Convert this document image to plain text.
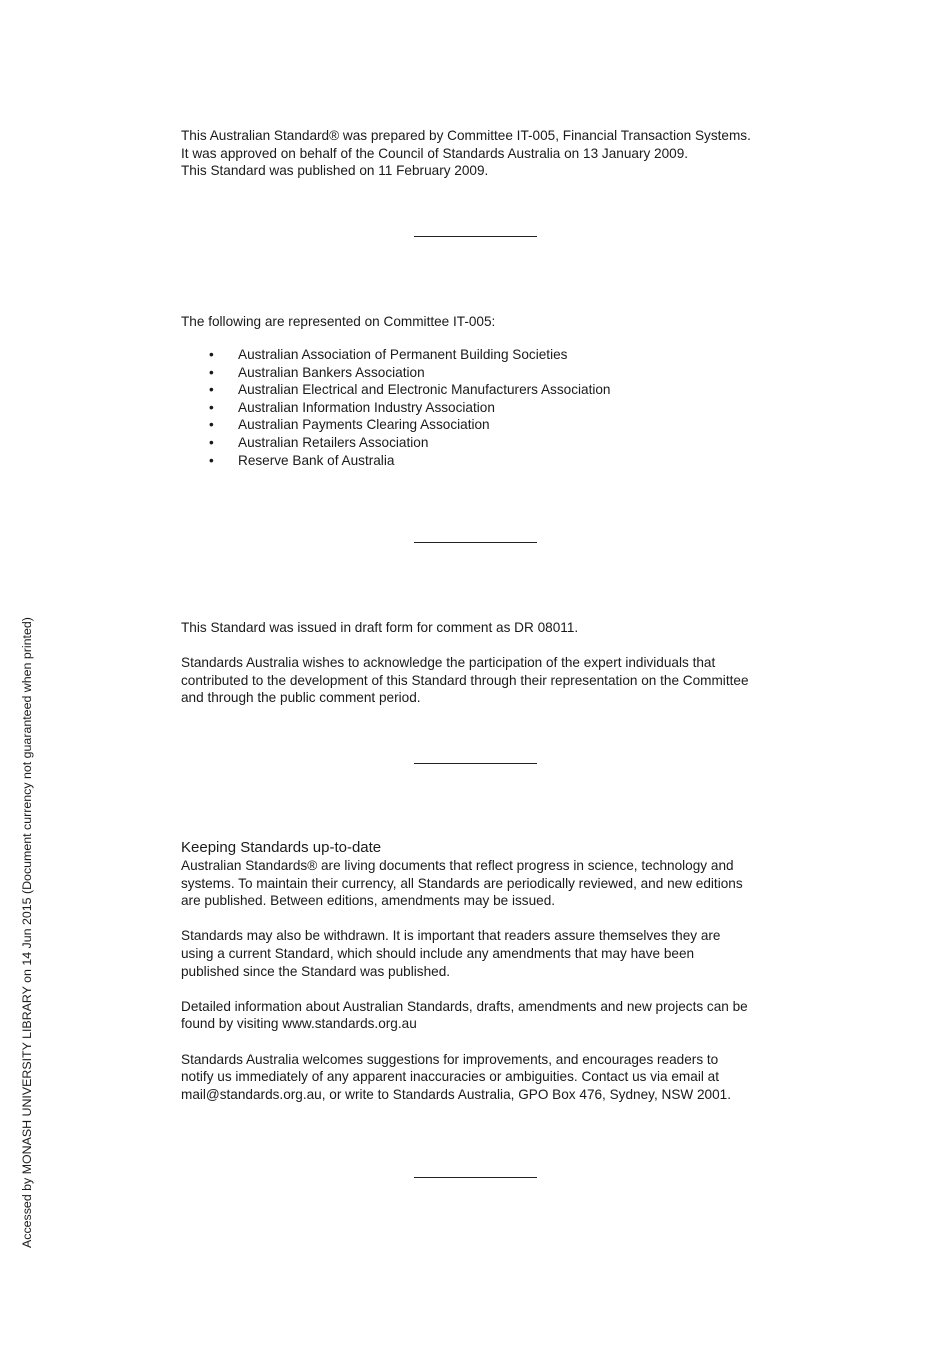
This Australian Standard® was prepared by Committee IT-005, Financial Transaction Systems.

It was approved on behalf of the Council of Standards Australia on 13 January 2009.

This Standard was published on 11 February 2009.

The following are represented on Committee IT-005:

• Australian Association of Permanent Building Societies
• Australian Bankers Association
• Australian Electrical and Electronic Manufacturers Association
• Australian Information Industry Association
• Australian Payments Clearing Association
• Australian Retailers Association
• Reserve Bank of Australia

This Standard was issued in draft form for comment as DR 08011.

Standards Australia wishes to acknowledge the participation of the expert individuals that
contributed to the development of this Standard through their representation on the Committee
and through the public comment period.

Keeping Standards up-to-date

Australian Standards® are living documents that reflect progress in science, technology and
systems. To maintain their currency, all Standards are periodically reviewed, and new editions
are published. Between editions, amendments may be issued.

Standards may also be withdrawn. It is important that readers assure themselves they are
using a current Standard, which should include any amendments that may have been
published since the Standard was published.

Detailed information about Australian Standards, drafts, amendments and new projects can be
found by visiting www.standards.org.au

Standards Australia welcomes suggestions for improvements, and encourages readers to
notify us immediately of any apparent inaccuracies or ambiguities. Contact us via email at
mail@standards.org.au, or write to Standards Australia, GPO Box 476, Sydney, NSW 2001.

Accessed by MONASH UNIVERSITY LIBRARY on 14 Jun 2015 (Document currency not guaranteed when printed)
